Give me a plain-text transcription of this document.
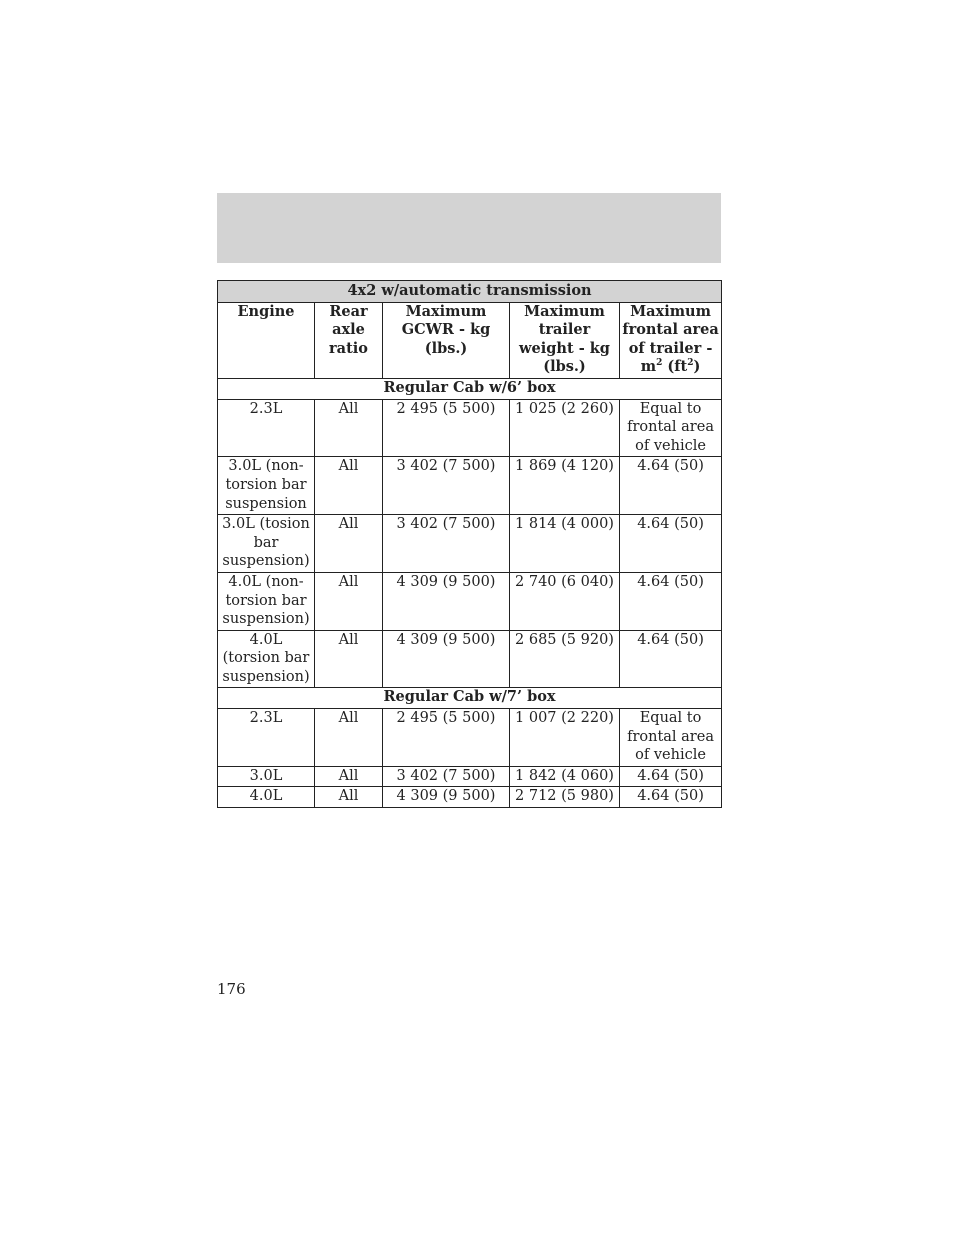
4x2 w/automatic transmission				
Engine	Rear axle ratio	Maximum GCWR - kg (lbs.)	Maximum trailer weight - kg (lbs.)	Maximum frontal area of trailer - $m^2$ $(ft^2)$
Regular Cab w/6’ box				
2.3L	All	2 495 (5 500)	1 025 (2 260)	Equal to frontal area of vehicle
3.0L (non-torsion bar suspension	All	3 402 (7 500)	1 869 (4 120)	4.64 (50)
3.0L (tosion bar suspension)	All	3 402 (7 500)	1 814 (4 000)	4.64 (50)
4.0L (non-torsion bar suspension)	All	4 309 (9 500)	2 740 (6 040)	4.64 (50)
4.0L (torsion bar suspension)	All	4 309 (9 500)	2 685 (5 920)	4.64 (50)
Regular Cab w/7’ box				
2.3L	All	2 495 (5 500)	1 007 (2 220)	Equal to frontal area of vehicle
3.0L	All	3 402 (7 500)	1 842 (4 060)	4.64 (50)
4.0L	All	4 309 (9 500)	2 712 (5 980)	4.64 (50)
176
